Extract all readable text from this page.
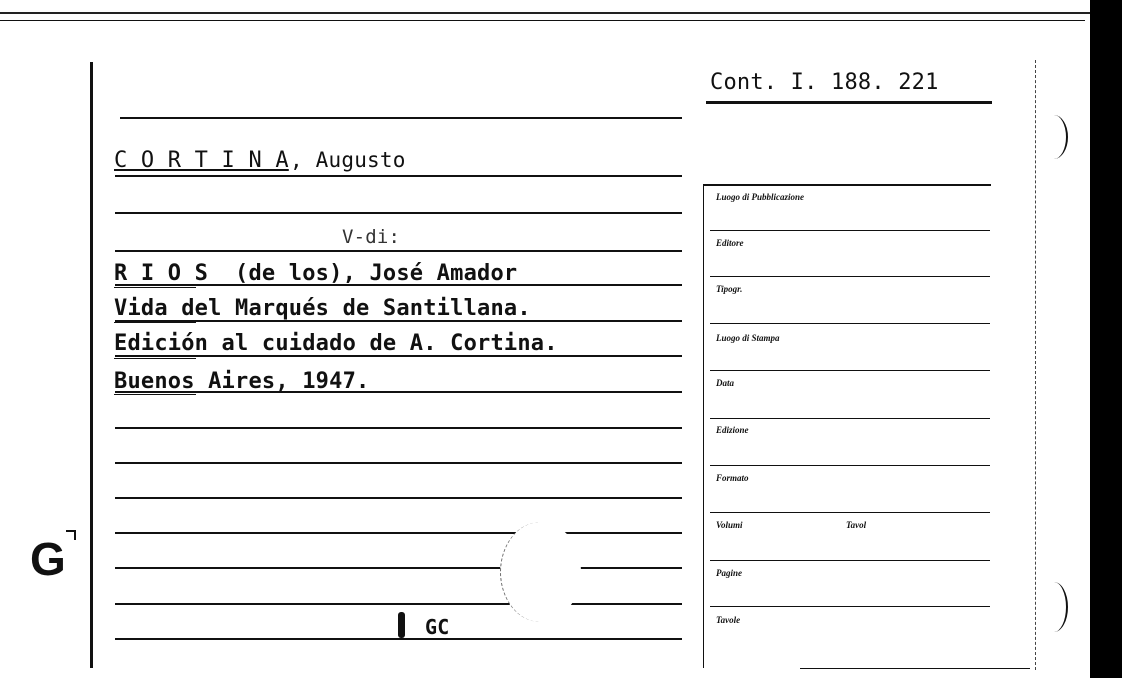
Cont. I. 188. 221
C O R T I N A , Augusto
V-di:
R I O S  (de los), José Amador
Vida del Marqués de Santillana.
Edición al cuidado de A. Cortina.
Buenos Aires, 1947.
GC
G
Luogo di Pubblicazione
Editore
Tipogr.
Luogo di Stampa
Data
Edizione
Formato
Volumi	Tavol
Pagine
Tavole
